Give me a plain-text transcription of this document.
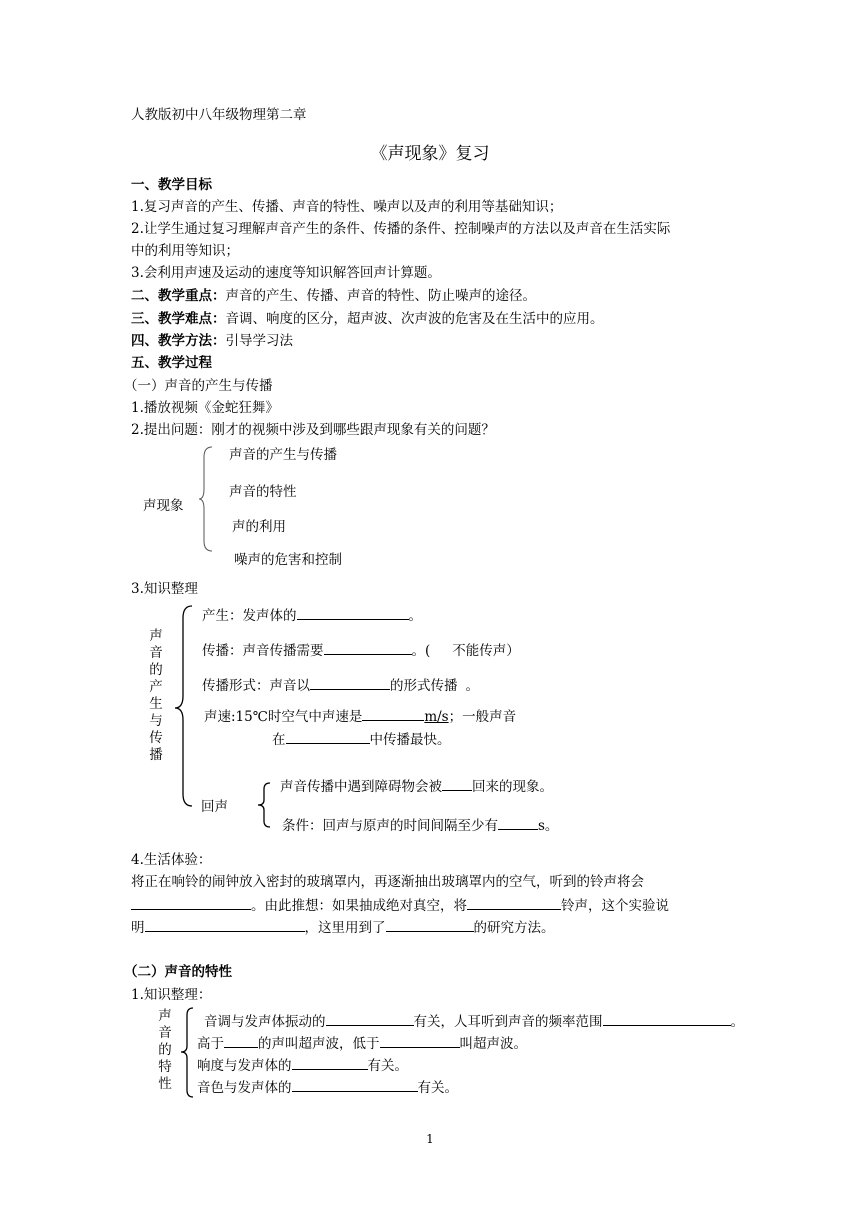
人教版初中八年级物理第二章
《声现象》复习
一、教学目标
1.复习声音的产生、传播、声音的特性、噪声以及声的利用等基础知识；
2.让学生通过复习理解声音产生的条件、传播的条件、控制噪声的方法以及声音在生活实际
中的利用等知识；
3.会利用声速及运动的速度等知识解答回声计算题。
二、教学重点：声音的产生、传播、声音的特性、防止噪声的途径。
三、教学难点：音调、响度的区分，超声波、次声波的危害及在生活中的应用。
四、教学方法：引导学习法
五、教学过程
（一）声音的产生与传播
1.播放视频《金蛇狂舞》
2.提出问题：刚才的视频中涉及到哪些跟声现象有关的问题？
声现象
声音的产生与传播
声音的特性
声的利用
噪声的危害和控制
3.知识整理
声音的产生与传播
产生：发声体的	。
传播：声音传播需要	。( 不能传声）
传播形式：声音以	的形式传播 。
声速:15℃时空气中声速是	m/s；一般声音
在	中传播最快。
回声
声音传播中遇到障碍物会被 回来的现象。
条件：回声与原声的时间间隔至少有	s。
4.生活体验：
将正在响铃的闹钟放入密封的玻璃罩内，再逐渐抽出玻璃罩内的空气，听到的铃声将会
。由此推想：如果抽成绝对真空，将	铃声，这个实验说
明	，这里用到了	的研究方法。
（二）声音的特性
1.知识整理：
声音的特性
音调与发声体振动的	有关，人耳听到声音的频率范围	。
高于	的声叫超声波，低于	叫超声波。
响度与发声体的	有关。
音色与发声体的	有关。
1
